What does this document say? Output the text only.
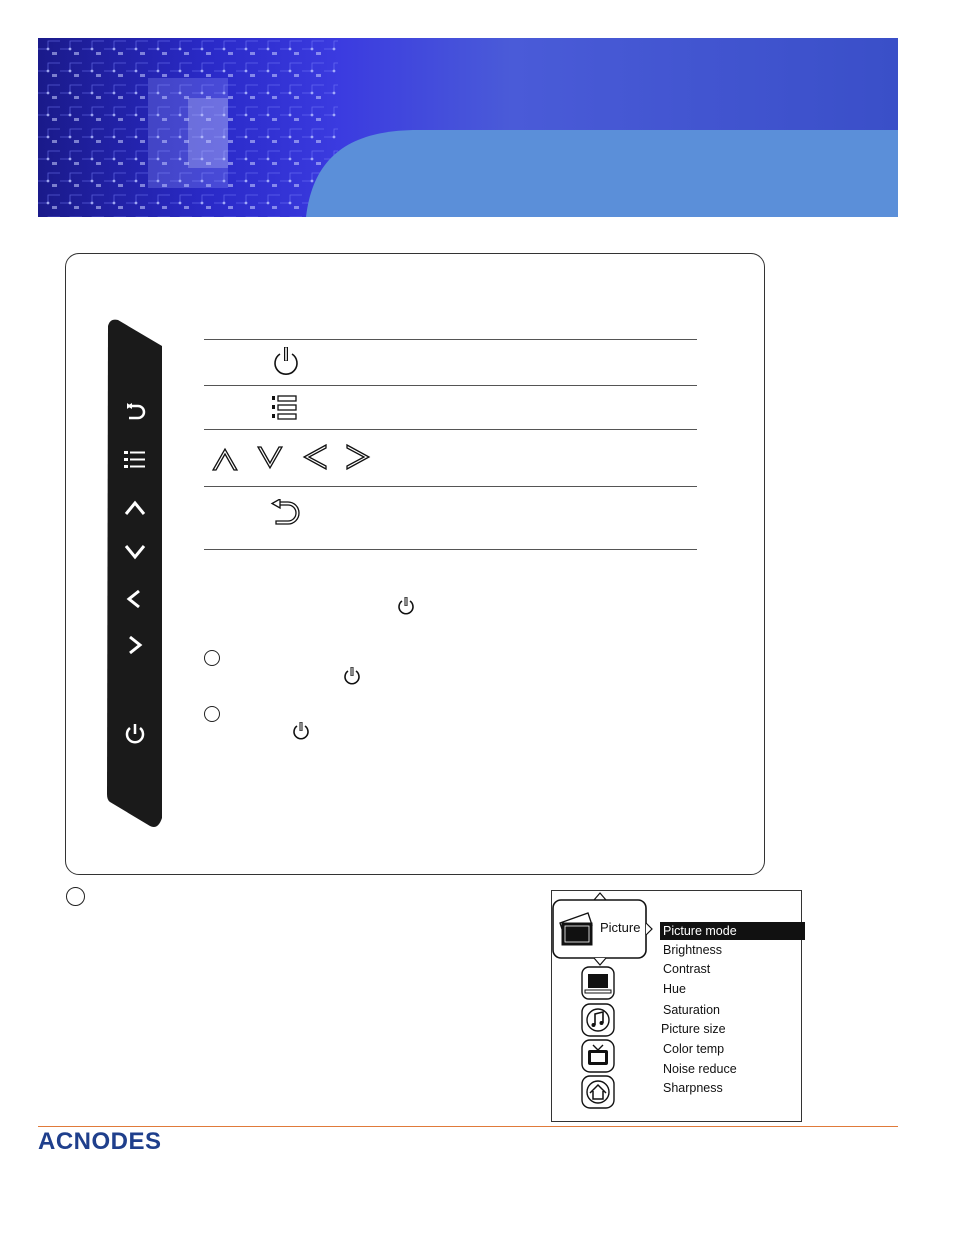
Picture Picture mode
Brightness
Contrast
Hue
Saturation
Picture size
Color temp
Noise reduce
Sharpness
ACNODES
